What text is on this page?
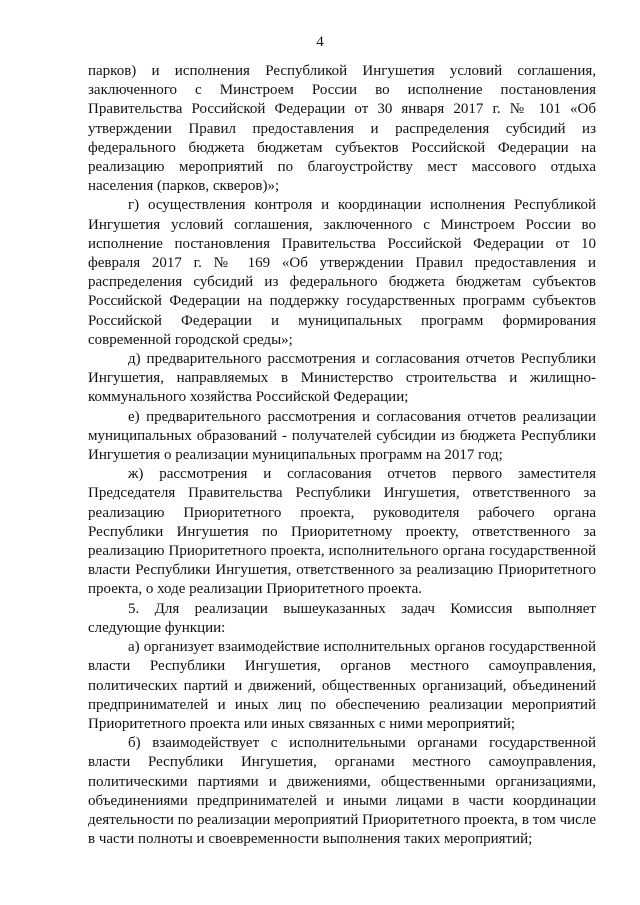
4

парков) и исполнения Республикой Ингушетия условий соглашения, заключенного с Минстроем России во исполнение постановления Правительства Российской Федерации от 30 января 2017 г. № 101 «Об утверждении Правил предоставления и распределения субсидий из федерального бюджета бюджетам субъектов Российской Федерации на реализацию мероприятий по благоустройству мест массового отдыха населения (парков, скверов)»;

г) осуществления контроля и координации исполнения Республикой Ингушетия условий соглашения, заключенного с Минстроем России во исполнение постановления Правительства Российской Федерации от 10 февраля 2017 г. № 169 «Об утверждении Правил предоставления и распределения субсидий из федерального бюджета бюджетам субъектов Российской Федерации на поддержку государственных программ субъектов Российской Федерации и муниципальных программ формирования современной городской среды»;

д) предварительного рассмотрения и согласования отчетов Республики Ингушетия, направляемых в Министерство строительства и жилищно-коммунального хозяйства Российской Федерации;

е) предварительного рассмотрения и согласования отчетов реализации муниципальных образований - получателей субсидии из бюджета Республики Ингушетия о реализации муниципальных программ на 2017 год;

ж) рассмотрения и согласования отчетов первого заместителя Председателя Правительства Республики Ингушетия, ответственного за реализацию Приоритетного проекта, руководителя рабочего органа Республики Ингушетия по Приоритетному проекту, ответственного за реализацию Приоритетного проекта, исполнительного органа государственной власти Республики Ингушетия, ответственного за реализацию Приоритетного проекта, о ходе реализации Приоритетного проекта.

5. Для реализации вышеуказанных задач Комиссия выполняет следующие функции:

а) организует взаимодействие исполнительных органов государственной власти Республики Ингушетия, органов местного самоуправления, политических партий и движений, общественных организаций, объединений предпринимателей и иных лиц по обеспечению реализации мероприятий Приоритетного проекта или иных связанных с ними мероприятий;

б) взаимодействует с исполнительными органами государственной власти Республики Ингушетия, органами местного самоуправления, политическими партиями и движениями, общественными организациями, объединениями предпринимателей и иными лицами в части координации деятельности по реализации мероприятий Приоритетного проекта, в том числе в части полноты и своевременности выполнения таких мероприятий;
